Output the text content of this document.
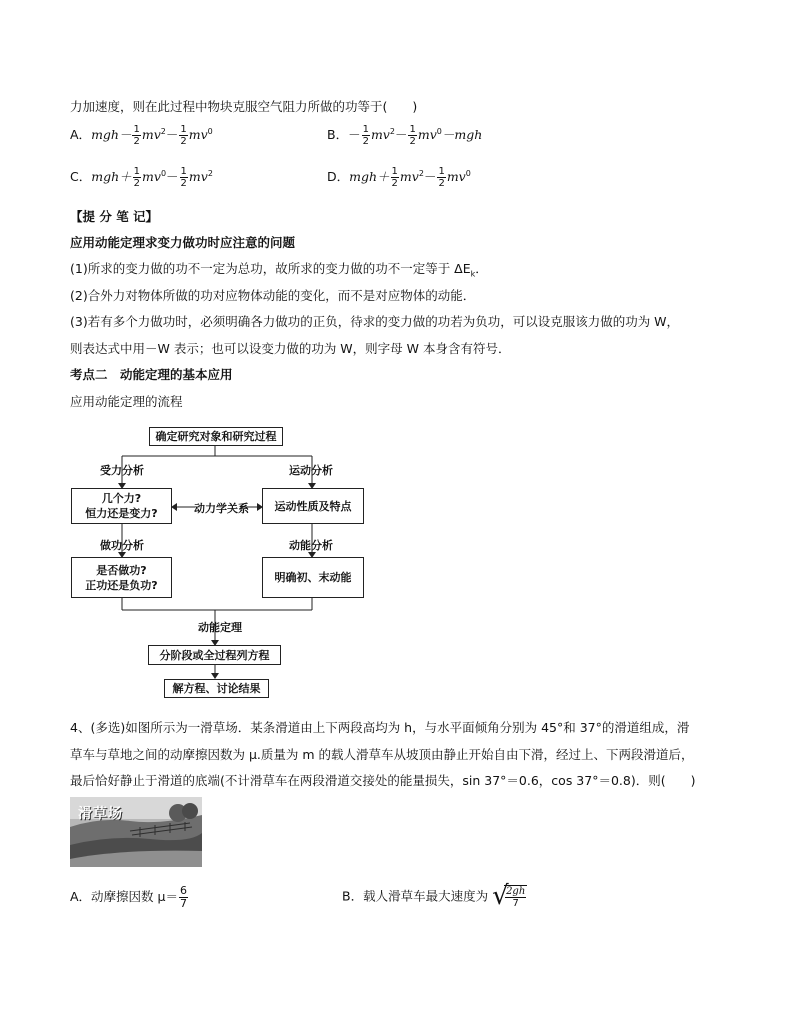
力加速度，则在此过程中物块克服空气阻力所做的功等于(　　)
A．$mgh- \frac{1}{2} mv^2- \frac{1}{2} mv^0$	B．－ $\frac{1}{2} mv^2- \frac{1}{2} mv^0-mgh$
C．$mgh+ \frac{1}{2} mv^0- \frac{1}{2} mv^2$	D．$mgh+ \frac{1}{2} mv^2- \frac{1}{2} mv^0$
【提 分 笔 记】
应用动能定理求变力做功时应注意的问题
(1)所求的变力做的功不一定为总功，故所求的变力做的功不一定等于 $\Delta E_k$．
(2)合外力对物体所做的功对应物体动能的变化，而不是对应物体的动能．
(3)若有多个力做功时，必须明确各力做功的正负，待求的变力做的功若为负功，可以设克服该力做的功为 W，
则表达式中用－W 表示；也可以设变力做的功为 W，则字母 W 本身含有符号．
考点二　动能定理的基本应用
应用动能定理的流程
确定研究对象和研究过程
受力分析	运动分析
几个力?
恒力还是变力?	动力学关系	运动性质及特点
做功分析	动能分析
是否做功?
正功还是负功?
明确初、末动能
动能定理
分阶段或全过程列方程
解方程、讨论结果
4、(多选)如图所示为一滑草场．某条滑道由上下两段高均为 h，与水平面倾角分别为 45°和 37°的滑道组成，滑
草车与草地之间的动摩擦因数为 μ.质量为 m 的载人滑草车从坡顶由静止开始自由下滑，经过上、下两段滑道后，
最后恰好静止于滑道的底端(不计滑草车在两段滑道交接处的能量损失，sin 37°＝0.6，cos 37°＝0.8)．则(　　)
滑草场
A．动摩擦因数 $\mu= \frac{6}{7}$	B．载人滑草车最大速度为 √
$\frac{2gh}{7}$
